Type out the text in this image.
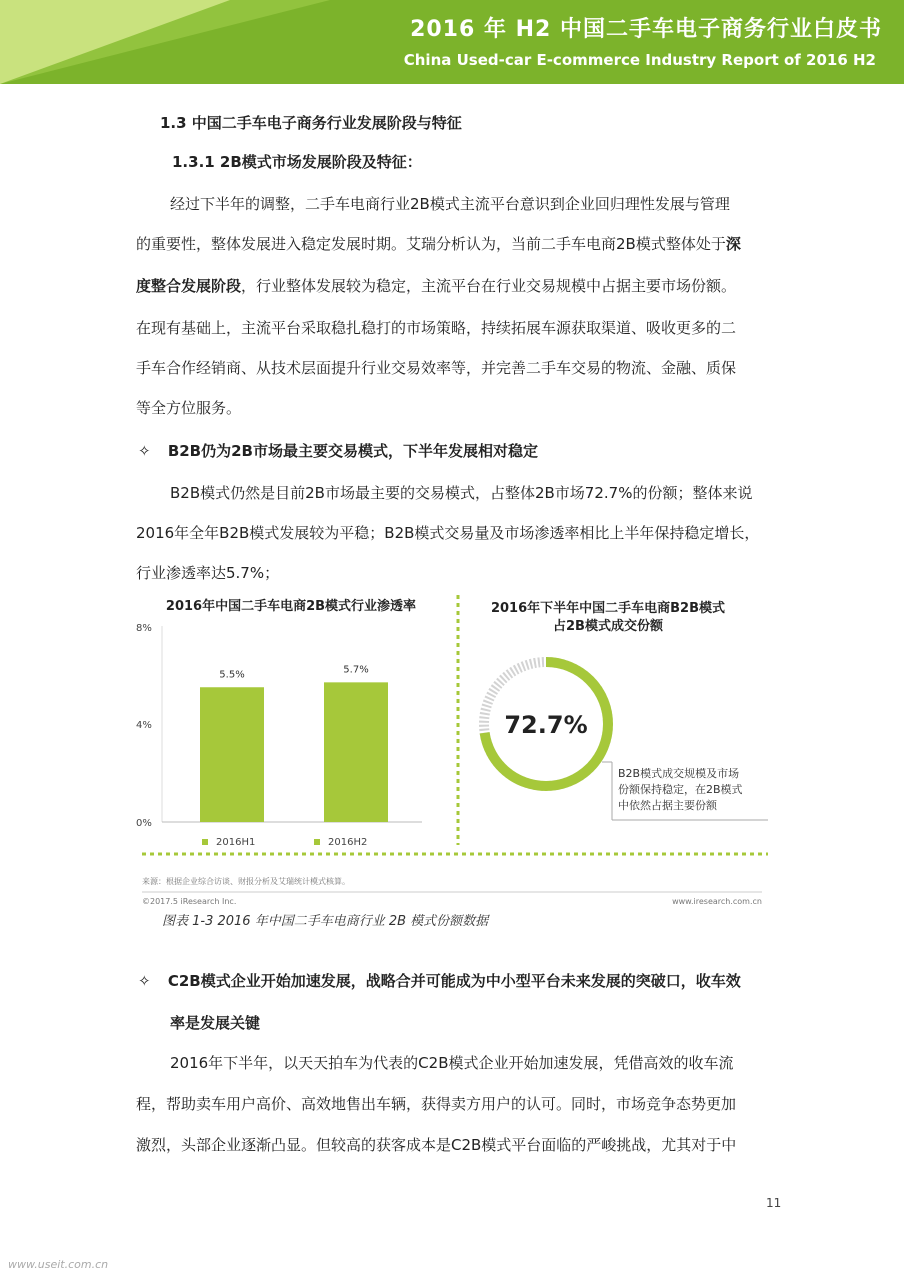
2016 年 H2 中国二手车电子商务行业白皮书
China Used-car E-commerce Industry Report of 2016 H2
1.3 中国二手车电子商务行业发展阶段与特征
1.3.1 2B模式市场发展阶段及特征：
经过下半年的调整，二手车电商行业2B模式主流平台意识到企业回归理性发展与管理
的重要性，整体发展进入稳定发展时期。艾瑞分析认为，当前二手车电商2B模式整体处于深
度整合发展阶段，行业整体发展较为稳定，主流平台在行业交易规模中占据主要市场份额。
在现有基础上，主流平台采取稳扎稳打的市场策略，持续拓展车源获取渠道、吸收更多的二
手车合作经销商、从技术层面提升行业交易效率等，并完善二手车交易的物流、金融、质保
等全方位服务。
✧ B2B仍为2B市场最主要交易模式，下半年发展相对稳定
B2B模式仍然是目前2B市场最主要的交易模式，占整体2B市场72.7%的份额；整体来说
2016年全年B2B模式发展较为平稳；B2B模式交易量及市场渗透率相比上半年保持稳定增长，
行业渗透率达5.7%；
2016年中国二手车电商2B模式行业渗透率
8%
4%
0%
5.5%	5.7%
2016H1	2016H2
2016年下半年中国二手车电商B2B模式
占2B模式成交份额
72.7%
B2B模式成交规模及市场
份额保持稳定，在2B模式
中依然占据主要份额
来源：根据企业综合访谈、财报分析及艾瑞统计模式核算。
©2017.5 iResearch Inc.	www.iresearch.com.cn
图表 1-3 2016 年中国二手车电商行业 2B 模式份额数据
✧ C2B模式企业开始加速发展，战略合并可能成为中小型平台未来发展的突破口，收车效
率是发展关键
2016年下半年，以天天拍车为代表的C2B模式企业开始加速发展，凭借高效的收车流
程，帮助卖车用户高价、高效地售出车辆，获得卖方用户的认可。同时，市场竞争态势更加
激烈，头部企业逐渐凸显。但较高的获客成本是C2B模式平台面临的严峻挑战，尤其对于中
11
www.useit.com.cn
